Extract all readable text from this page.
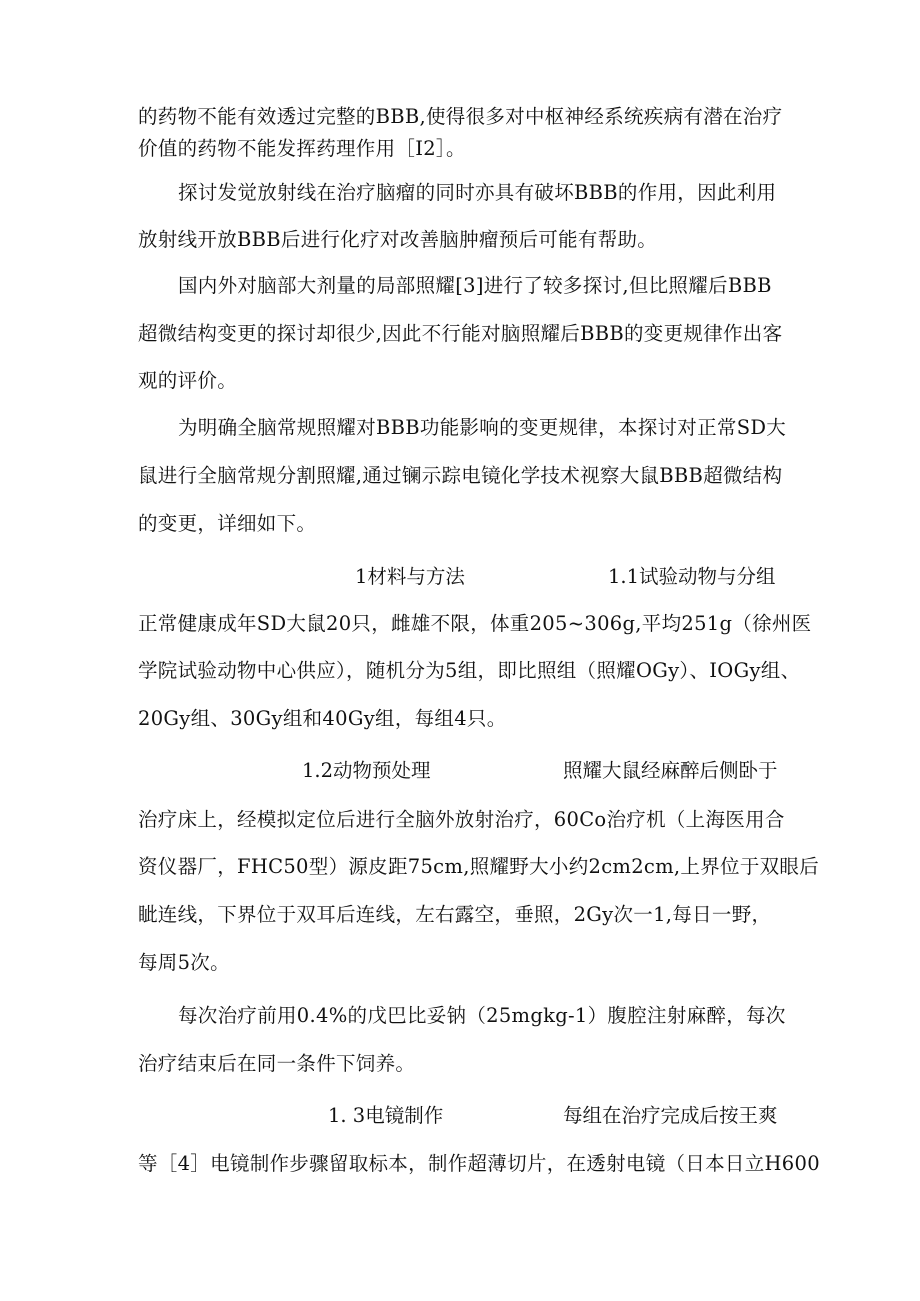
的药物不能有效透过完整的BBB,使得很多对中枢神经系统疾病有潜在治疗
价值的药物不能发挥药理作用［I2］。
探讨发觉放射线在治疗脑瘤的同时亦具有破坏BBB的作用，因此利用
放射线开放BBB后进行化疗对改善脑肿瘤预后可能有帮助。
国内外对脑部大剂量的局部照耀[3]进行了较多探讨,但比照耀后BBB
超微结构变更的探讨却很少,因此不行能对脑照耀后BBB的变更规律作出客
观的评价。
为明确全脑常规照耀对BBB功能影响的变更规律，本探讨对正常SD大
鼠进行全脑常规分割照耀,通过镧示踪电镜化学技术视察大鼠BBB超微结构
的变更，详细如下。
1材料与方法	1.1试验动物与分组
正常健康成年SD大鼠20只，雌雄不限，体重205~306g,平均251g（徐州医
学院试验动物中心供应），随机分为5组，即比照组（照耀OGy）、IOGy组、
20Gy组、30Gy组和40Gy组，每组4只。
1.2动物预处理	照耀大鼠经麻醉后侧卧于
治疗床上，经模拟定位后进行全脑外放射治疗，60Co治疗机（上海医用合
资仪器厂，FHC50型）源皮距75cm,照耀野大小约2cm2cm,上界位于双眼后
眦连线，下界位于双耳后连线，左右露空，垂照，2Gy次一1,每日一野，
每周5次。
每次治疗前用0.4%的戊巴比妥钠（25mgkg-1）腹腔注射麻醉，每次
治疗结束后在同一条件下饲养。
1. 3电镜制作	每组在治疗完成后按王爽
等［4］电镜制作步骤留取标本，制作超薄切片，在透射电镜（日本日立H600
